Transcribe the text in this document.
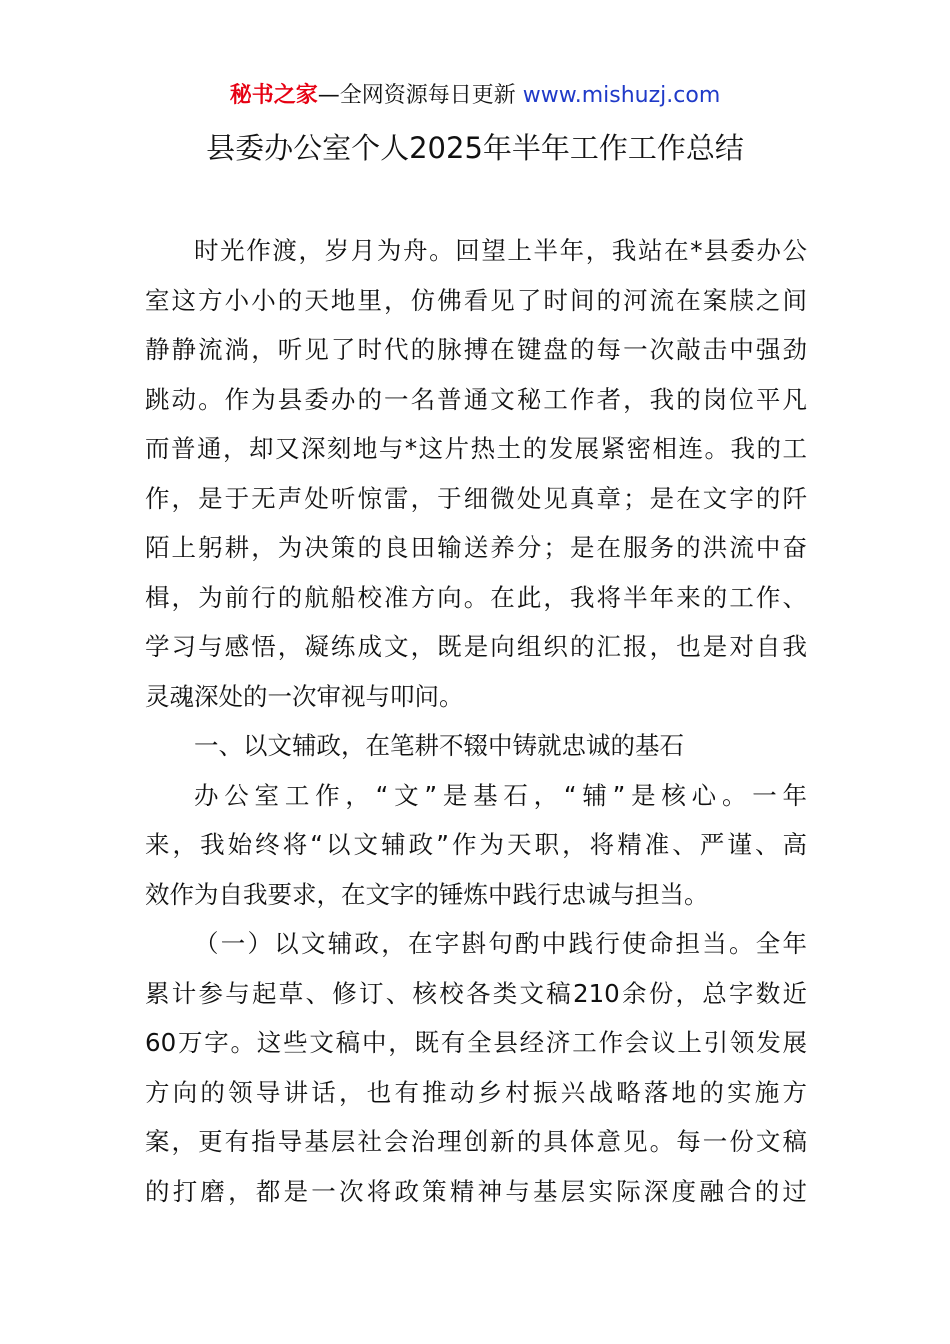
秘书之家—全网资源每日更新 www.mishuzj.com
县委办公室个人2025年半年工作工作总结
时光作渡，岁月为舟。回望上半年，我站在*县委办公
室这方小小的天地里，仿佛看见了时间的河流在案牍之间
静静流淌，听见了时代的脉搏在键盘的每一次敲击中强劲
跳动。作为县委办的一名普通文秘工作者，我的岗位平凡
而普通，却又深刻地与*这片热土的发展紧密相连。我的工
作，是于无声处听惊雷，于细微处见真章；是在文字的阡
陌上躬耕，为决策的良田输送养分；是在服务的洪流中奋
楫，为前行的航船校准方向。在此，我将半年来的工作、
学习与感悟，凝练成文，既是向组织的汇报，也是对自我
灵魂深处的一次审视与叩问。
一、以文辅政，在笔耕不辍中铸就忠诚的基石
办公室工作，“文”是基石，“辅”是核心。一年
来，我始终将“以文辅政”作为天职，将精准、严谨、高
效作为自我要求，在文字的锤炼中践行忠诚与担当。
（一）以文辅政，在字斟句酌中践行使命担当。全年
累计参与起草、修订、核校各类文稿210余份，总字数近
60万字。这些文稿中，既有全县经济工作会议上引领发展
方向的领导讲话，也有推动乡村振兴战略落地的实施方
案，更有指导基层社会治理创新的具体意见。每一份文稿
的打磨，都是一次将政策精神与基层实际深度融合的过
